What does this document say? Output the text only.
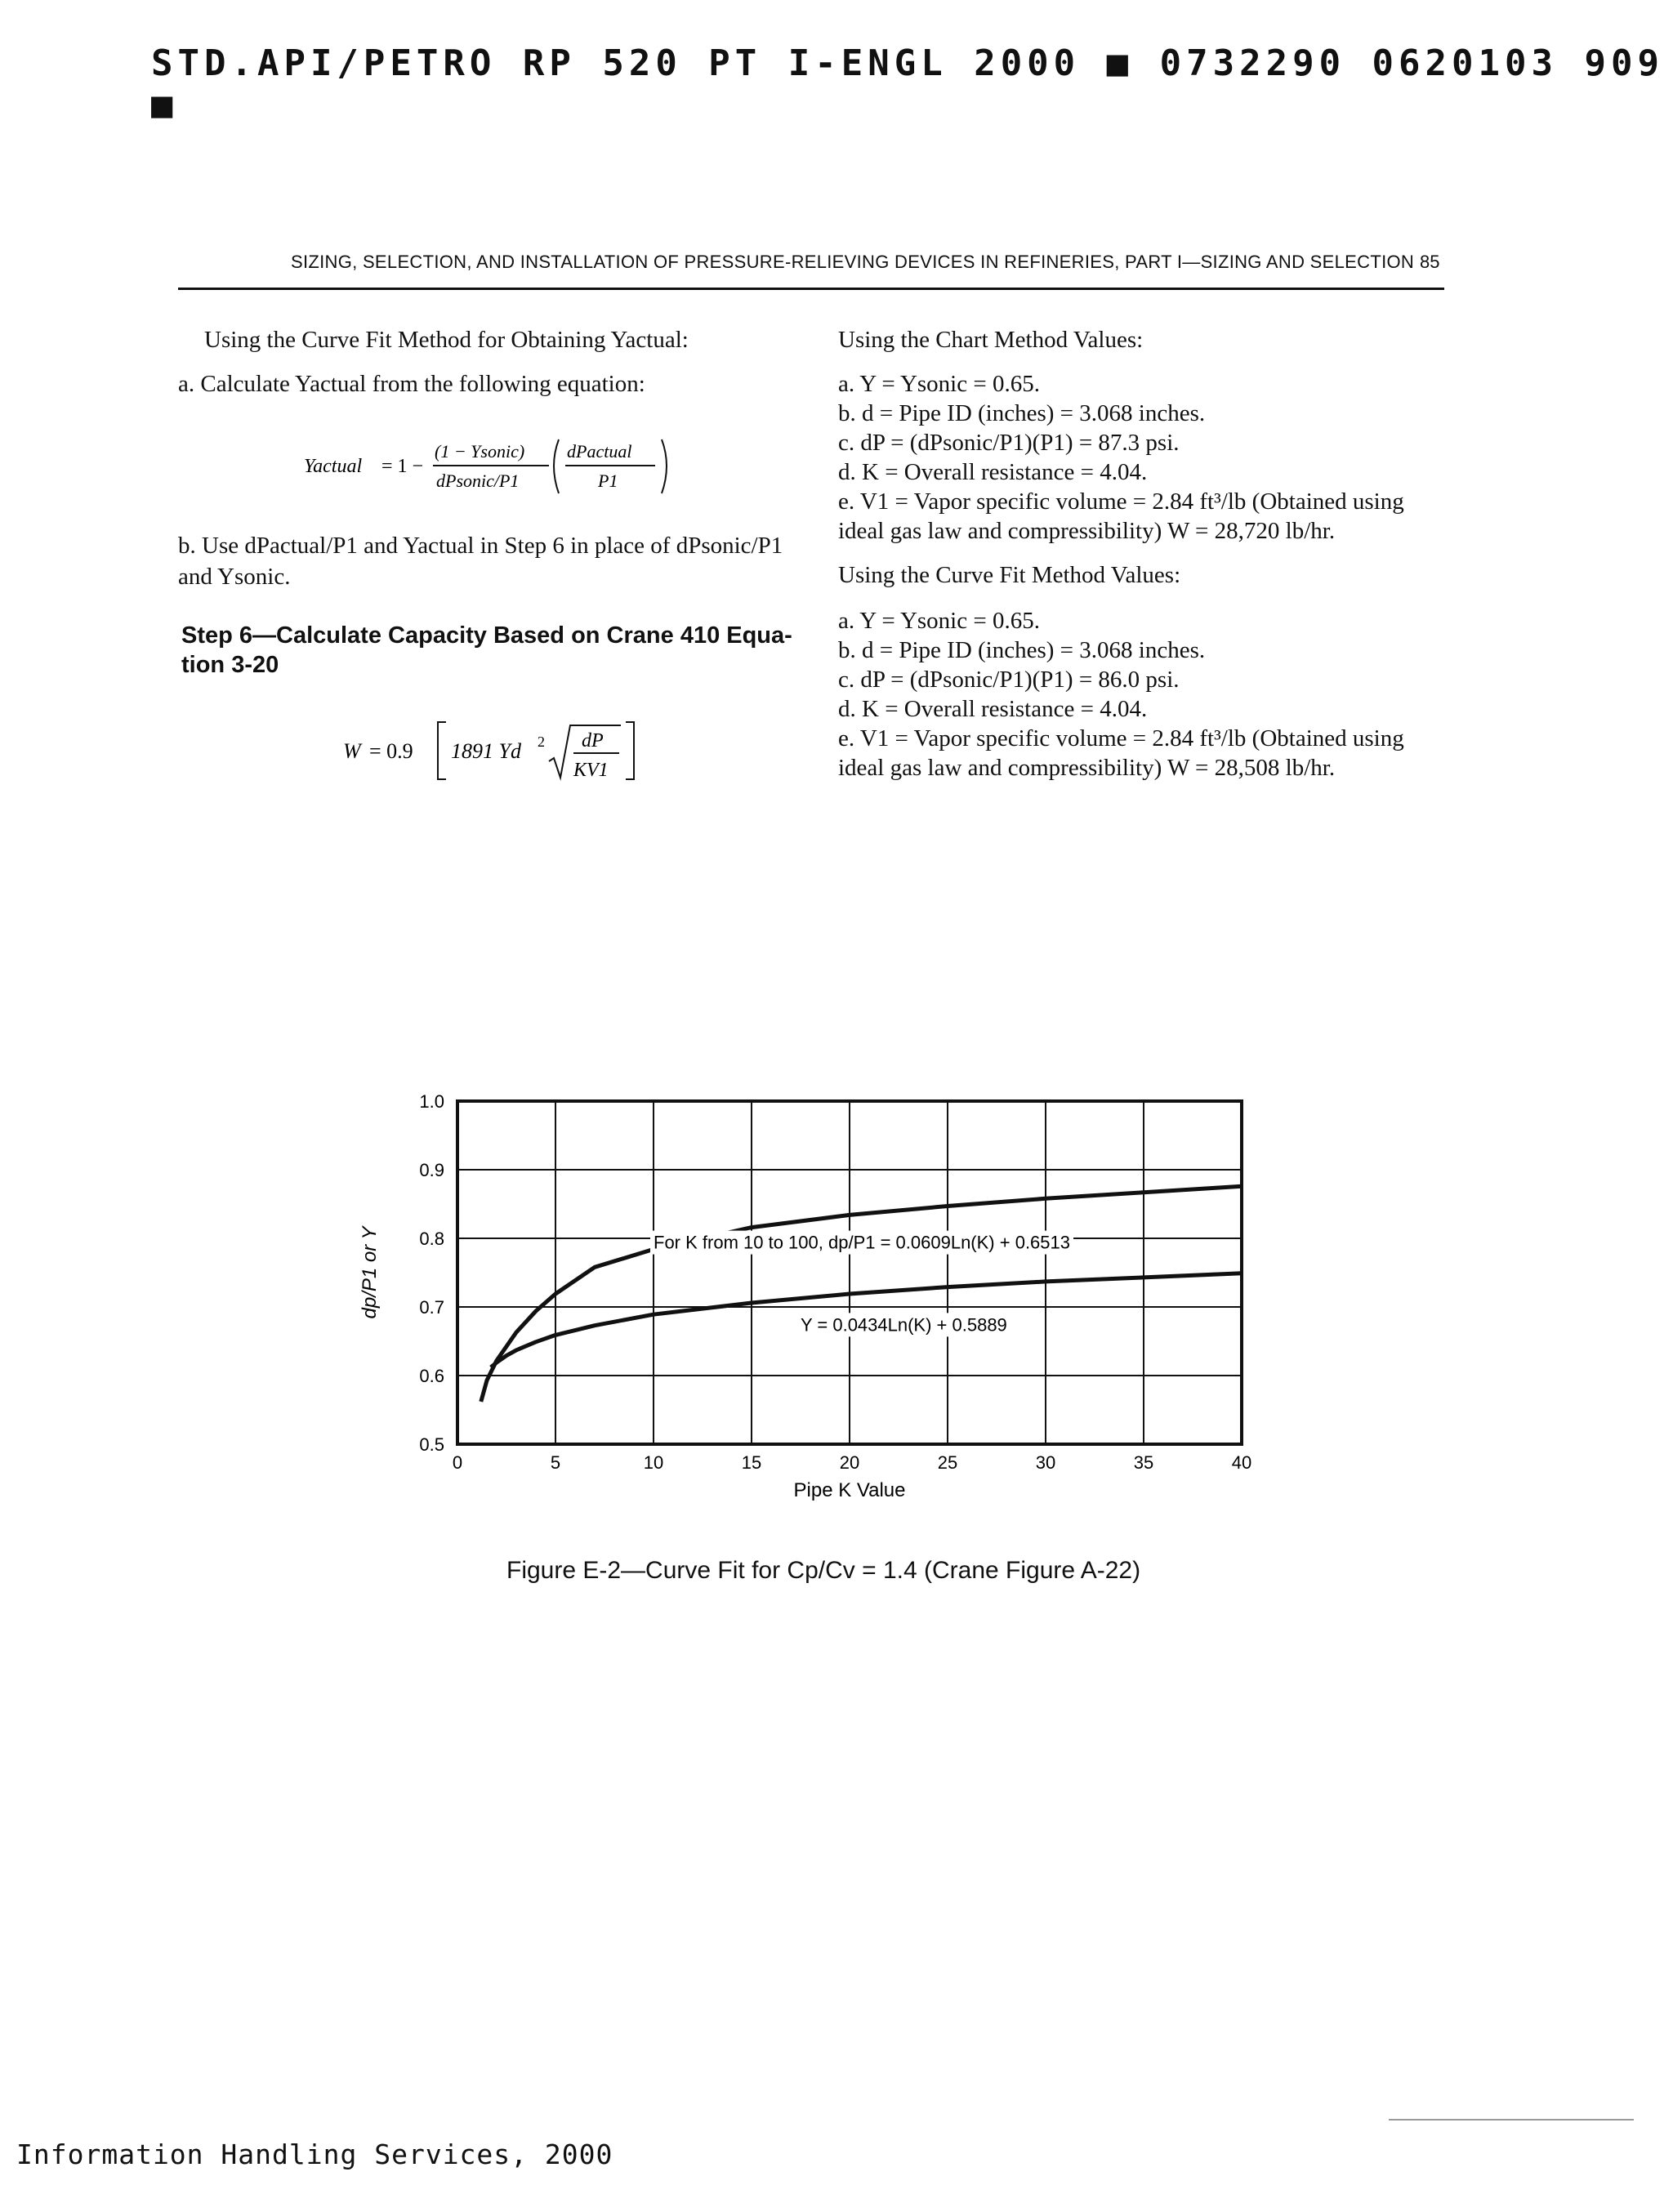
STD.API/PETRO RP 520 PT I-ENGL 2000 ■ 0732290 0620103 909 ■
SIZING, SELECTION, AND INSTALLATION OF PRESSURE-RELIEVING DEVICES IN REFINERIES, PART I—SIZING AND SELECTION 85
Using the Curve Fit Method for Obtaining Yactual:
a. Calculate Yactual from the following equation:
Yactual = 1 −
(1 − Ysonic)
dPsonic/P1
dPactual
P1
b. Use dPactual/P1 and Yactual in Step 6 in place of dPsonic/P1
and Ysonic.
Step 6—Calculate Capacity Based on Crane 410 Equa-
tion 3-20
W = 0.9 1891 Yd 2 dP
KV1
Using the Chart Method Values:
a. Y = Ysonic = 0.65.
b. d = Pipe ID (inches) = 3.068 inches.
c. dP = (dPsonic/P1)(P1) = 87.3 psi.
d. K = Overall resistance = 4.04.
e. V1 = Vapor specific volume = 2.84 ft³/lb (Obtained using
ideal gas law and compressibility) W = 28,720 lb/hr.
Using the Curve Fit Method Values:
a. Y = Ysonic = 0.65.
b. d = Pipe ID (inches) = 3.068 inches.
c. dP = (dPsonic/P1)(P1) = 86.0 psi.
d. K = Overall resistance = 4.04.
e. V1 = Vapor specific volume = 2.84 ft³/lb (Obtained using
ideal gas law and compressibility) W = 28,508 lb/hr.
0	5	10	15	20	25	30	35	40
0.5
0.6
0.7
0.8
0.9
1.0
For K from 10 to 100, dp/P1 = 0.0609Ln(K) + 0.6513
Y = 0.0434Ln(K) + 0.5889
Pipe K Value
dp/P1 or Y
Figure E-2—Curve Fit for Cp/Cv = 1.4 (Crane Figure A-22)
Information Handling Services, 2000
